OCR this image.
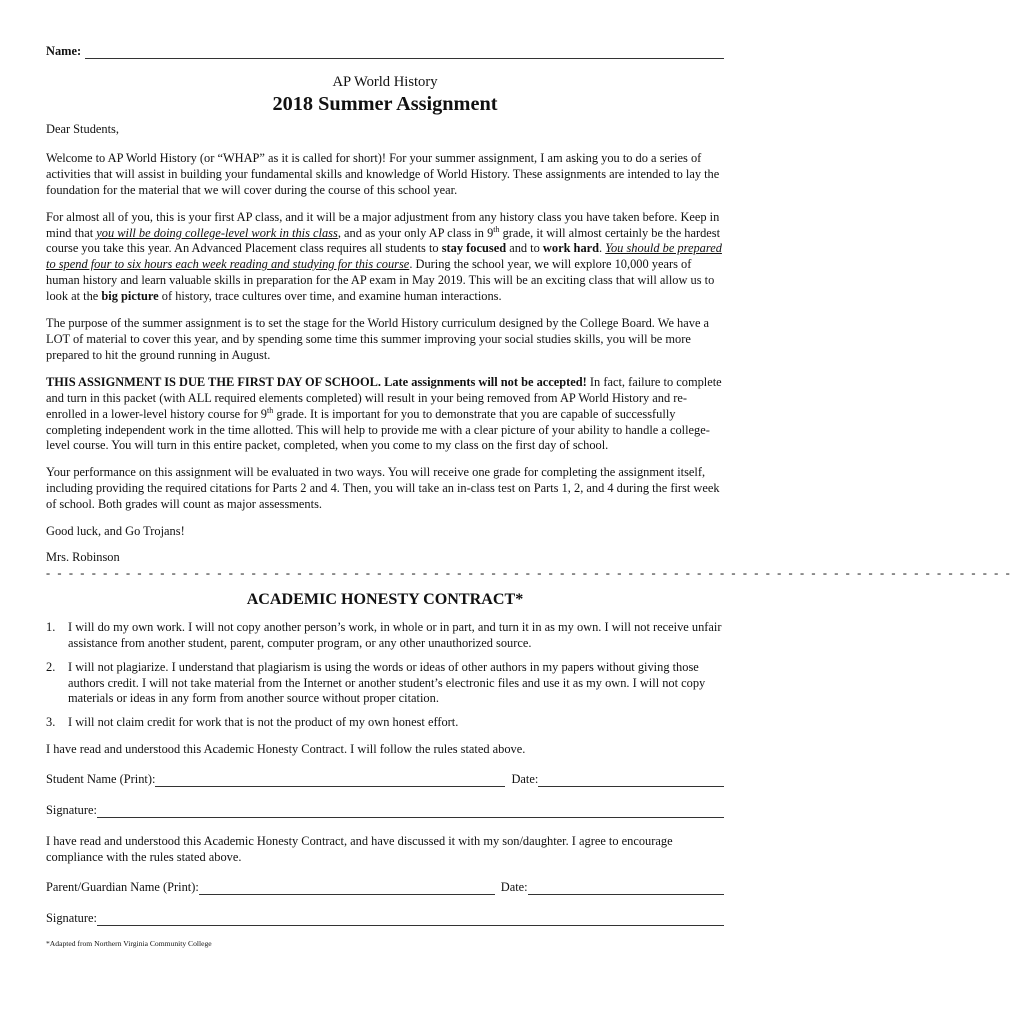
Name:

AP World History

2018 Summer Assignment

Dear Students,

Welcome to AP World History (or “WHAP” as it is called for short)! For your summer assignment, I am asking you to do a series of activities that will assist in building your fundamental skills and knowledge of World History. These assignments are intended to lay the foundation for the material that we will cover during the course of this school year.

For almost all of you, this is your first AP class, and it will be a major adjustment from any history class you have taken before. Keep in mind that you will be doing college-level work in this class, and as your only AP class in 9th grade, it will almost certainly be the hardest course you take this year. An Advanced Placement class requires all students to stay focused and to work hard. You should be prepared to spend four to six hours each week reading and studying for this course. During the school year, we will explore 10,000 years of human history and learn valuable skills in preparation for the AP exam in May 2019. This will be an exciting class that will allow us to look at the big picture of history, trace cultures over time, and examine human interactions.

The purpose of the summer assignment is to set the stage for the World History curriculum designed by the College Board. We have a LOT of material to cover this year, and by spending some time this summer improving your social studies skills, you will be more prepared to hit the ground running in August.

THIS ASSIGNMENT IS DUE THE FIRST DAY OF SCHOOL. Late assignments will not be accepted! In fact, failure to complete and turn in this packet (with ALL required elements completed) will result in your being removed from AP World History and re-enrolled in a lower-level history course for 9th grade. It is important for you to demonstrate that you are capable of successfully completing independent work in the time allotted. This will help to provide me with a clear picture of your ability to handle a college-level course. You will turn in this entire packet, completed, when you come to my class on the first day of school.

Your performance on this assignment will be evaluated in two ways. You will receive one grade for completing the assignment itself, including providing the required citations for Parts 2 and 4. Then, you will take an in-class test on Parts 1, 2, and 4 during the first week of school. Both grades will count as major assessments.

Good luck, and Go Trojans!

Mrs. Robinson

- - - - - - - - - - - - - - - - - - - - - - - - - - - - - - - - - - - - - - - - - - - - - - - - - - - - - - - - - - - - - - - - - - - - - - - - - - - - - - - - - - - - -

ACADEMIC HONESTY CONTRACT*

1.	I will do my own work. I will not copy another person’s work, in whole or in part, and turn it in as my own. I will not receive unfair assistance from another student, parent, computer program, or any other unauthorized source.
2.	I will not plagiarize. I understand that plagiarism is using the words or ideas of other authors in my papers without giving those authors credit. I will not take material from the Internet or another student’s electronic files and use it as my own. I will not copy materials or ideas in any form from another source without proper citation.
3.	I will not claim credit for work that is not the product of my own honest effort.

I have read and understood this Academic Honesty Contract. I will follow the rules stated above.

Student Name (Print):	Date:
Signature:

I have read and understood this Academic Honesty Contract, and have discussed it with my son/daughter. I agree to encourage compliance with the rules stated above.

Parent/Guardian Name (Print):	Date:
Signature:

*Adapted from Northern Virginia Community College
